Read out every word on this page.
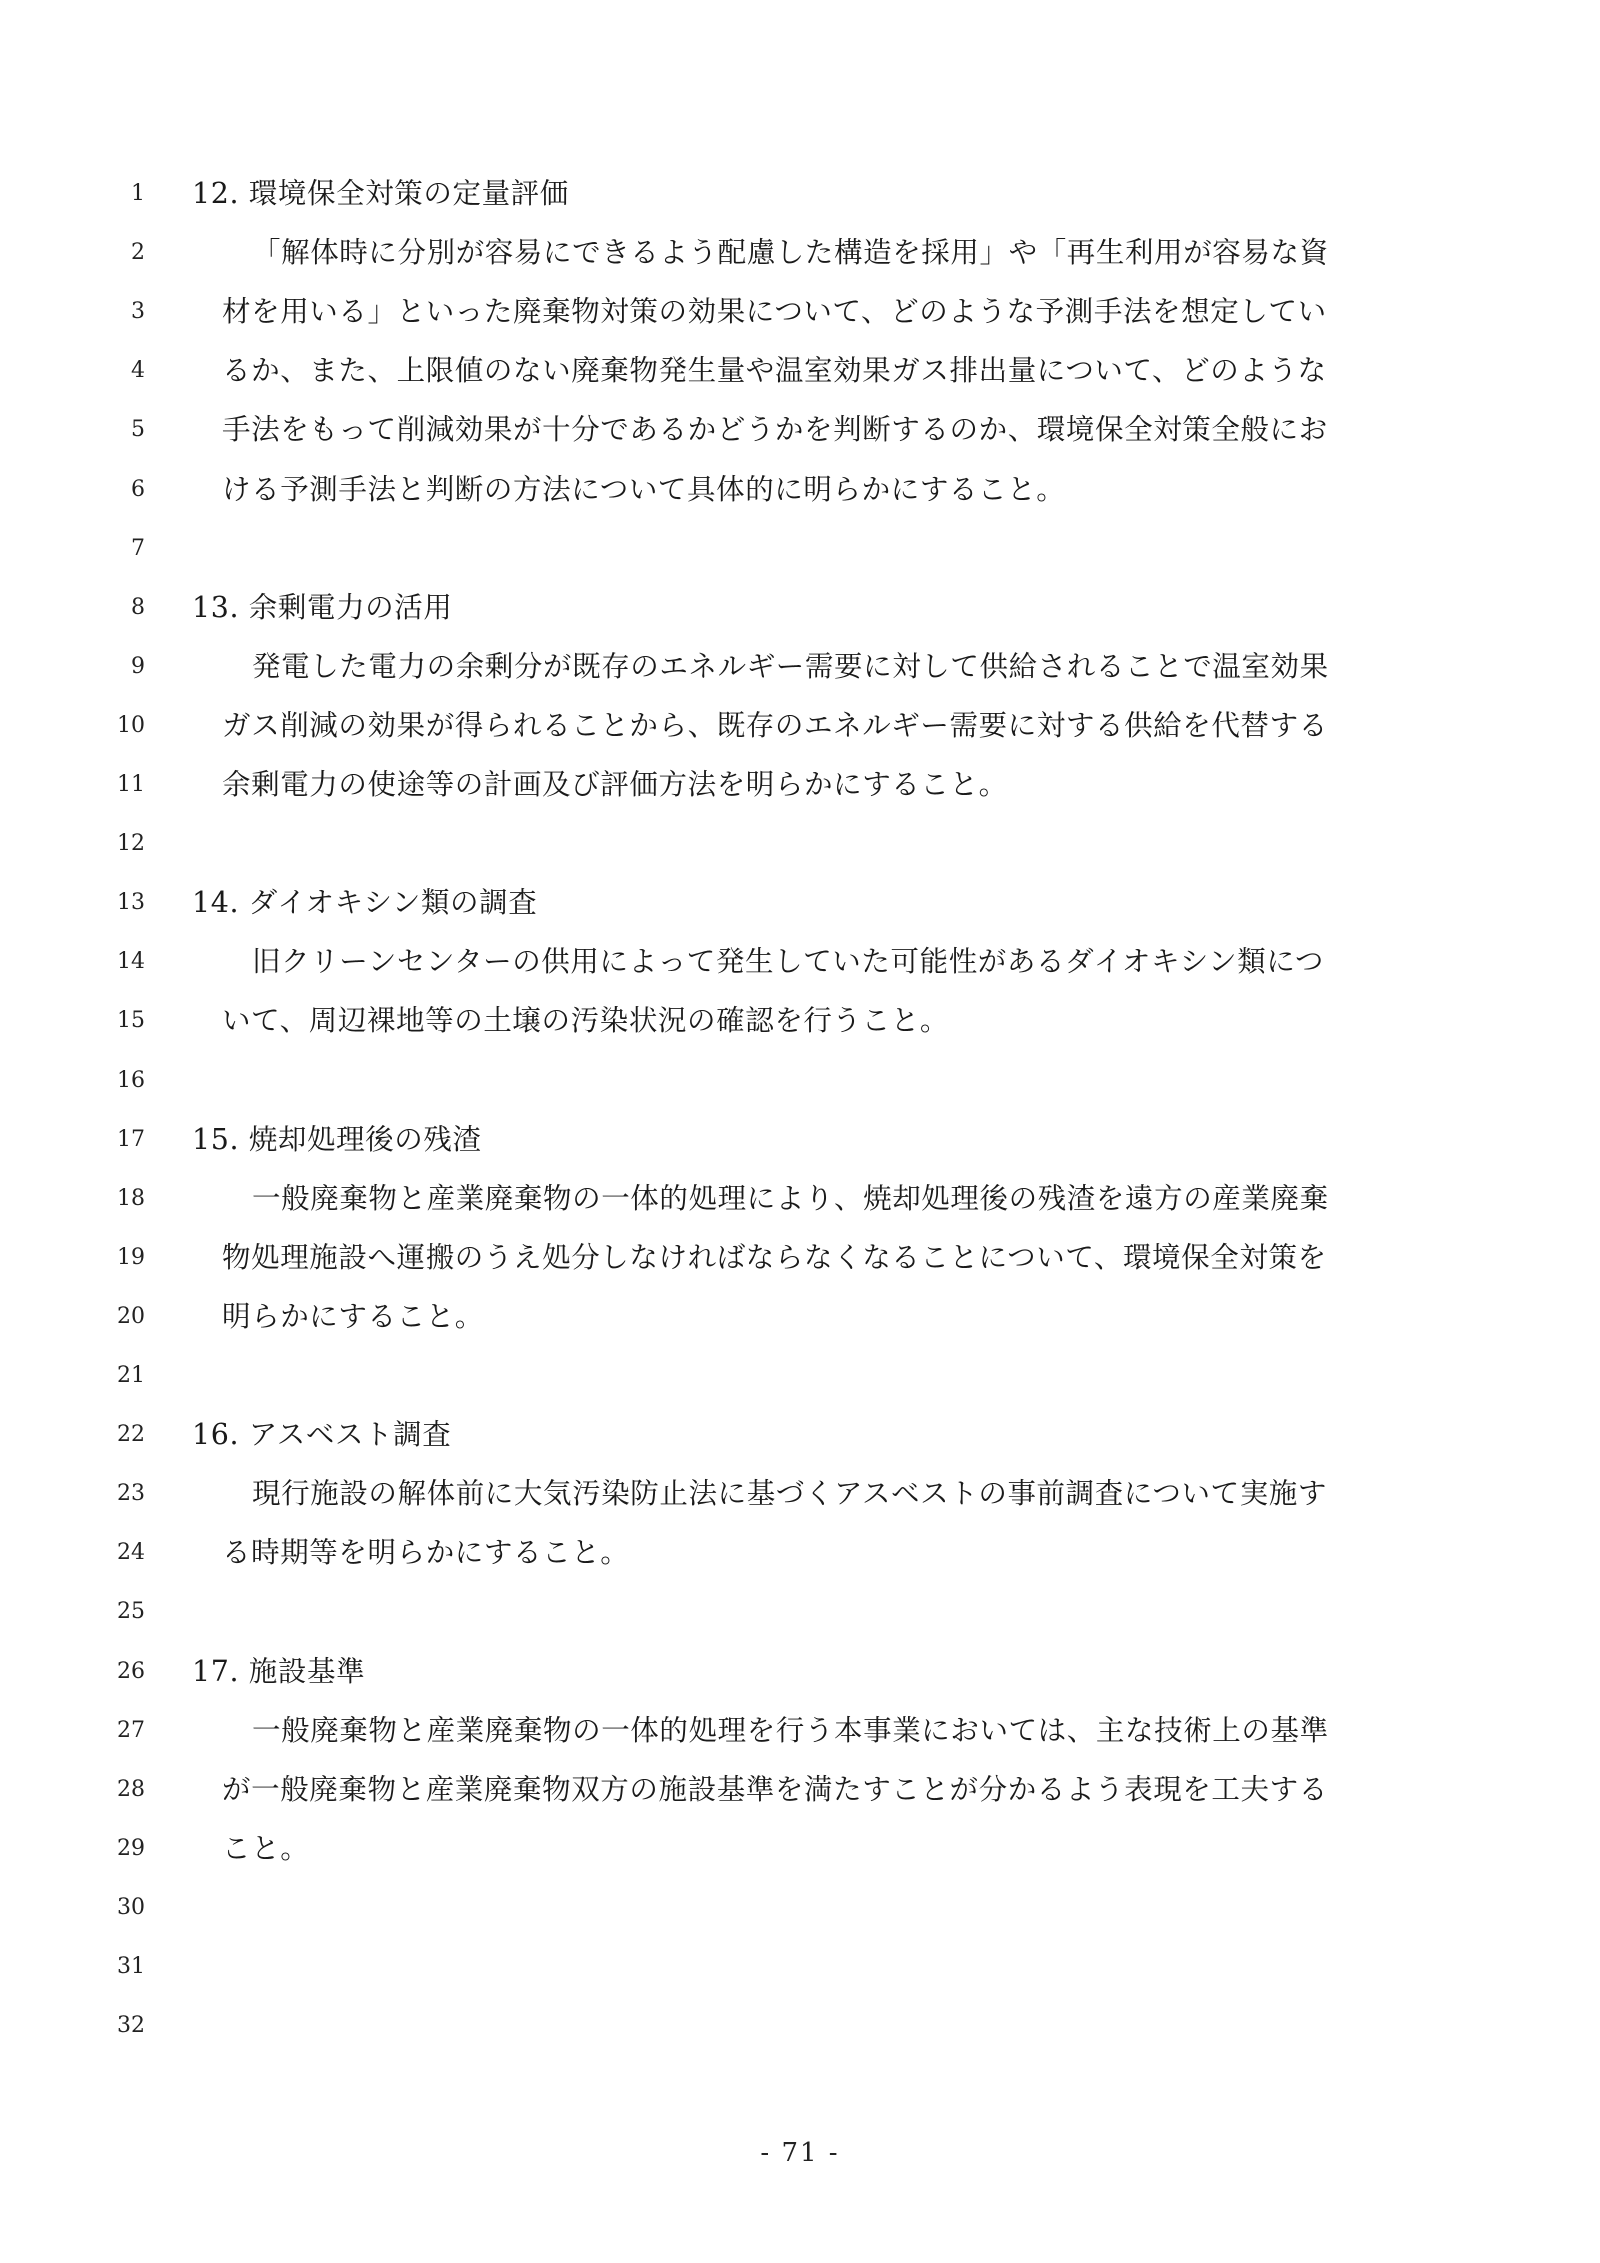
1 12. 環境保全対策の定量評価
2	「解体時に分別が容易にできるよう配慮した構造を採用」や「再生利用が容易な資
3	材を用いる」といった廃棄物対策の効果について、どのような予測手法を想定してい
4	るか、また、上限値のない廃棄物発生量や温室効果ガス排出量について、どのような
5	手法をもって削減効果が十分であるかどうかを判断するのか、環境保全対策全般にお
6	ける予測手法と判断の方法について具体的に明らかにすること。
7
8 13. 余剰電力の活用
9	発電した電力の余剰分が既存のエネルギー需要に対して供給されることで温室効果
10	ガス削減の効果が得られることから、既存のエネルギー需要に対する供給を代替する
11	余剰電力の使途等の計画及び評価方法を明らかにすること。
12
13 14. ダイオキシン類の調査
14	旧クリーンセンターの供用によって発生していた可能性があるダイオキシン類につ
15	いて、周辺裸地等の土壌の汚染状況の確認を行うこと。
16
17 15. 焼却処理後の残渣
18	一般廃棄物と産業廃棄物の一体的処理により、焼却処理後の残渣を遠方の産業廃棄
19	物処理施設へ運搬のうえ処分しなければならなくなることについて、環境保全対策を
20	明らかにすること。
21
22 16. アスベスト調査
23	現行施設の解体前に大気汚染防止法に基づくアスベストの事前調査について実施す
24	る時期等を明らかにすること。
25
26 17. 施設基準
27	一般廃棄物と産業廃棄物の一体的処理を行う本事業においては、主な技術上の基準
28	が一般廃棄物と産業廃棄物双方の施設基準を満たすことが分かるよう表現を工夫する
29	こと。
30
31
32
- 71 -
